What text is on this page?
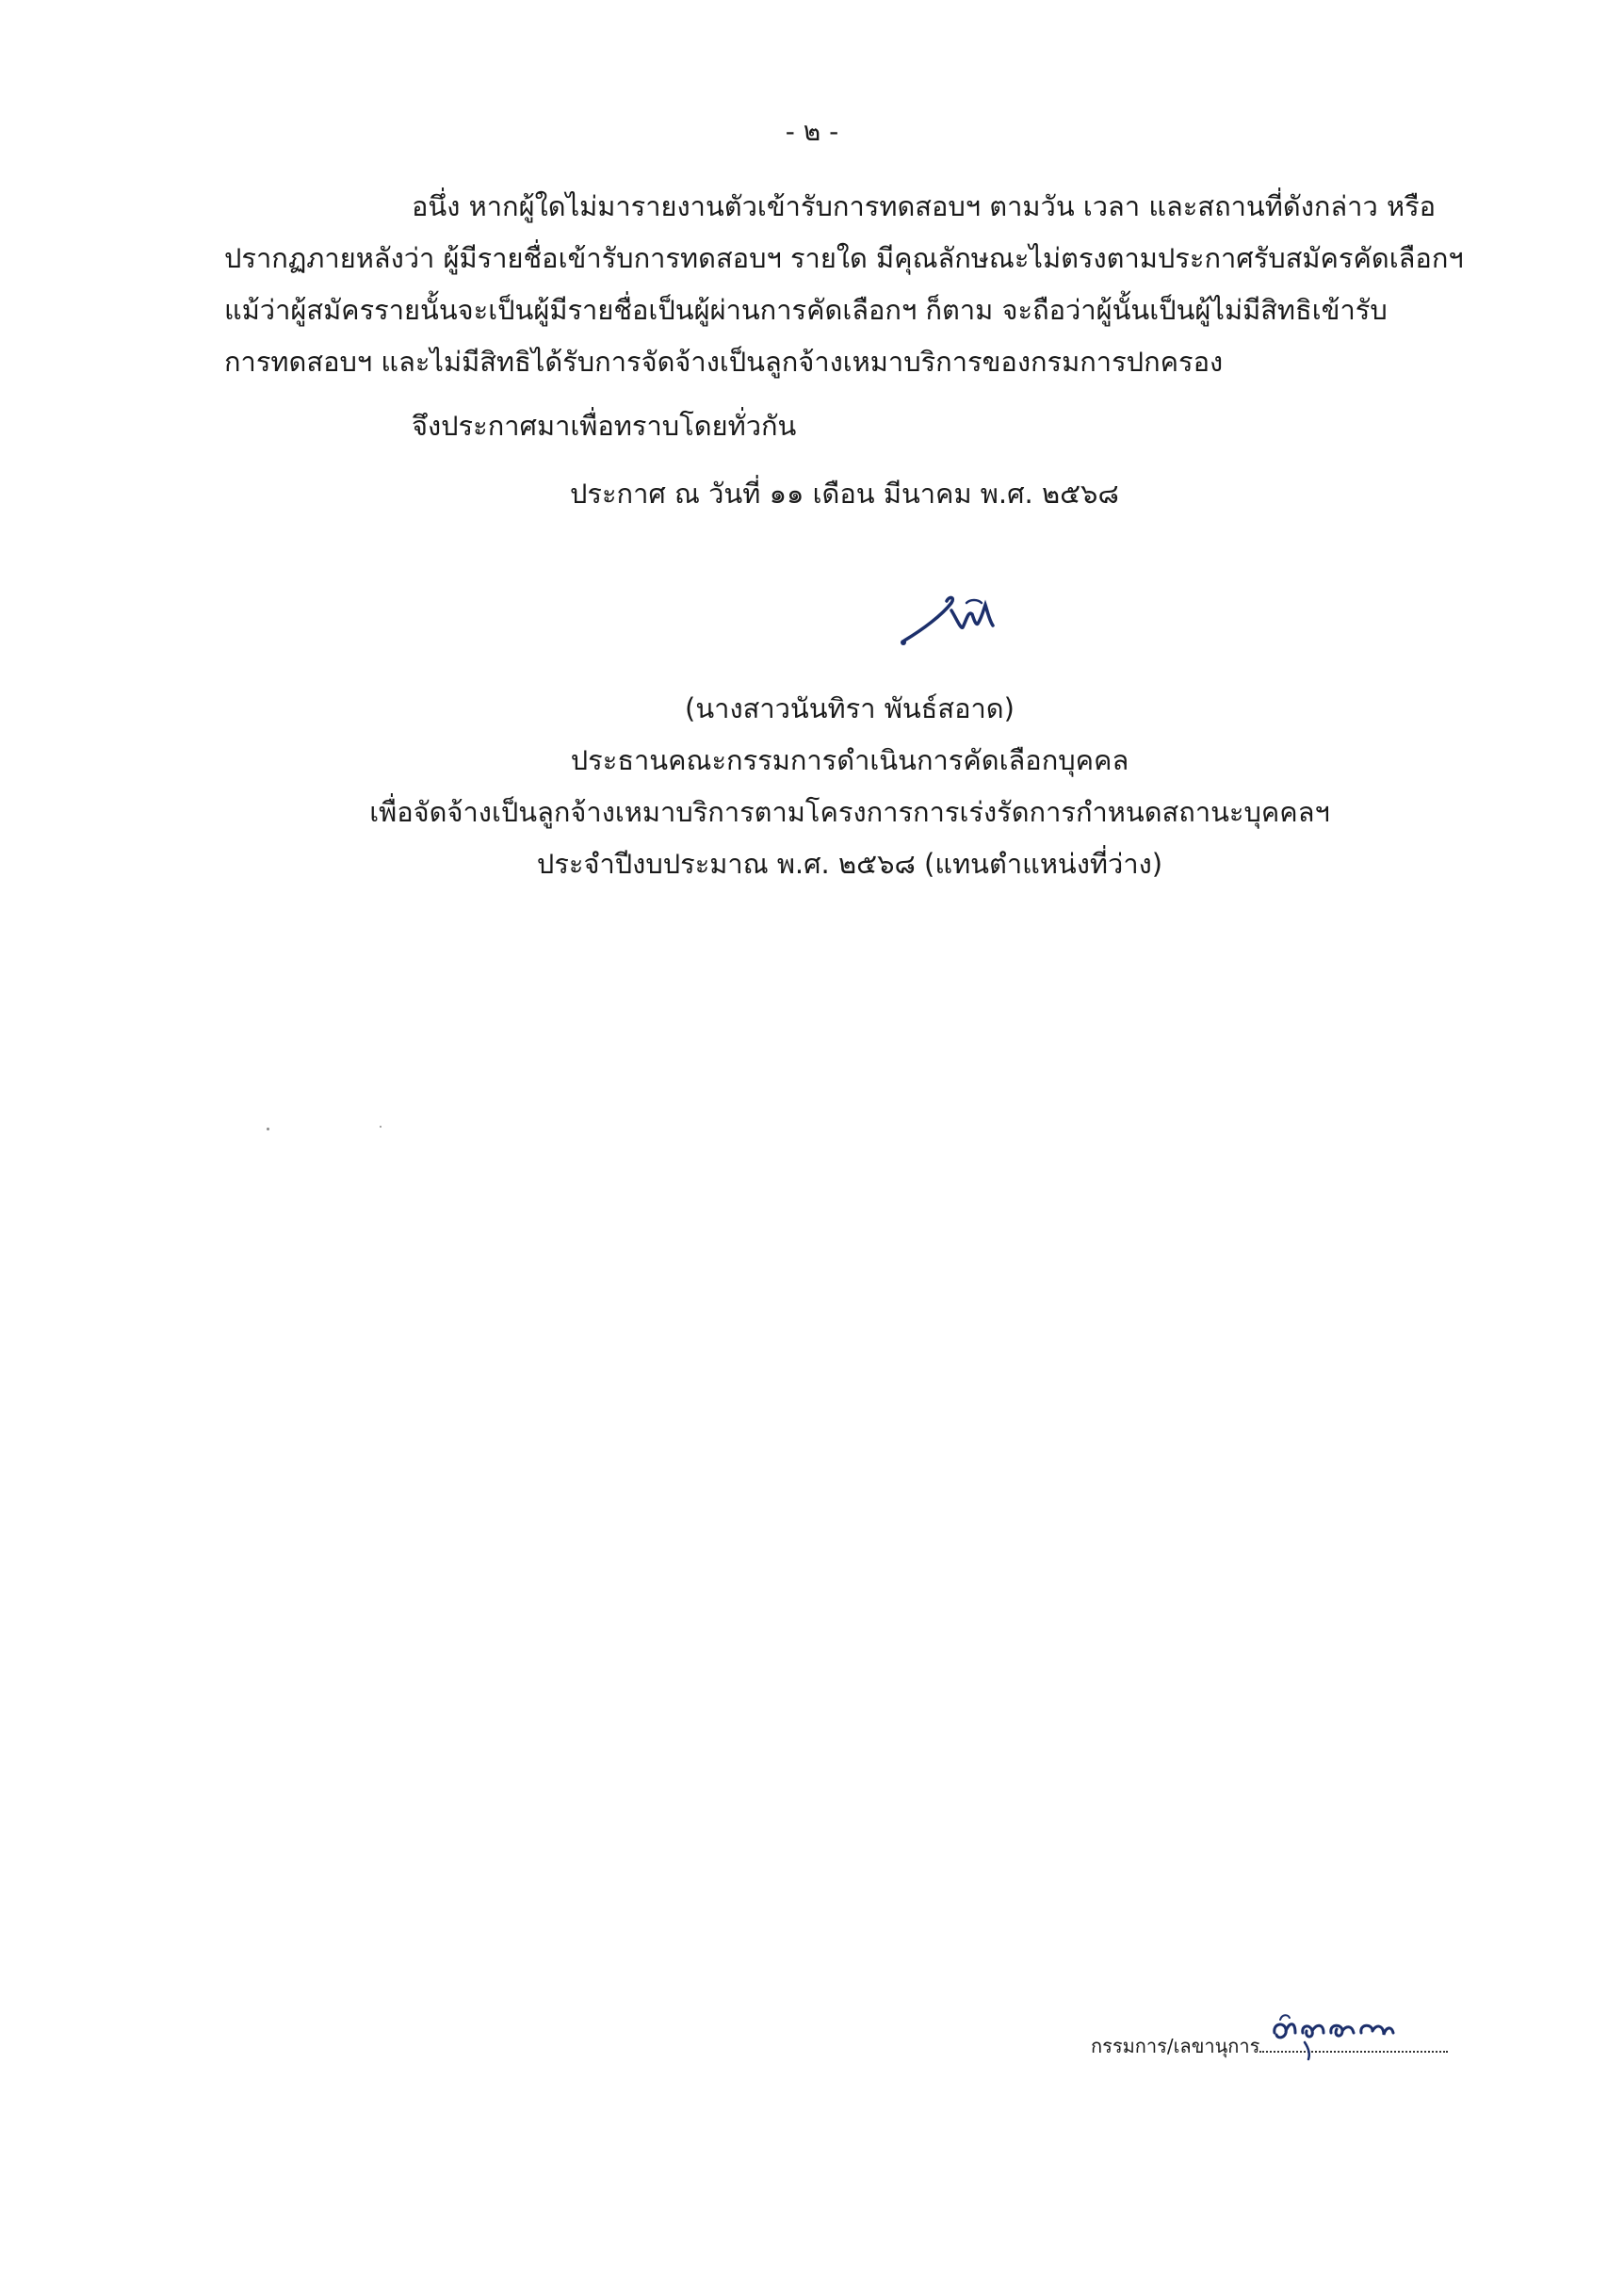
- ๒ -
อนึ่ง หากผู้ใดไม่มารายงานตัวเข้ารับการทดสอบฯ ตามวัน เวลา และสถานที่ดังกล่าว หรือ
ปรากฏภายหลังว่า ผู้มีรายชื่อเข้ารับการทดสอบฯ รายใด มีคุณลักษณะไม่ตรงตามประกาศรับสมัครคัดเลือกฯ
แม้ว่าผู้สมัครรายนั้นจะเป็นผู้มีรายชื่อเป็นผู้ผ่านการคัดเลือกฯ ก็ตาม จะถือว่าผู้นั้นเป็นผู้ไม่มีสิทธิเข้ารับ
การทดสอบฯ และไม่มีสิทธิได้รับการจัดจ้างเป็นลูกจ้างเหมาบริการของกรมการปกครอง
จึงประกาศมาเพื่อทราบโดยทั่วกัน
ประกาศ ณ วันที่ ๑๑ เดือน มีนาคม พ.ศ. ๒๕๖๘
(นางสาวนันทิรา พันธ์สอาด)
ประธานคณะกรรมการดำเนินการคัดเลือกบุคคล
เพื่อจัดจ้างเป็นลูกจ้างเหมาบริการตามโครงการการเร่งรัดการกำหนดสถานะบุคคลฯ
ประจำปีงบประมาณ พ.ศ. ๒๕๖๘ (แทนตำแหน่งที่ว่าง)
กรรมการ/เลขานุการ
